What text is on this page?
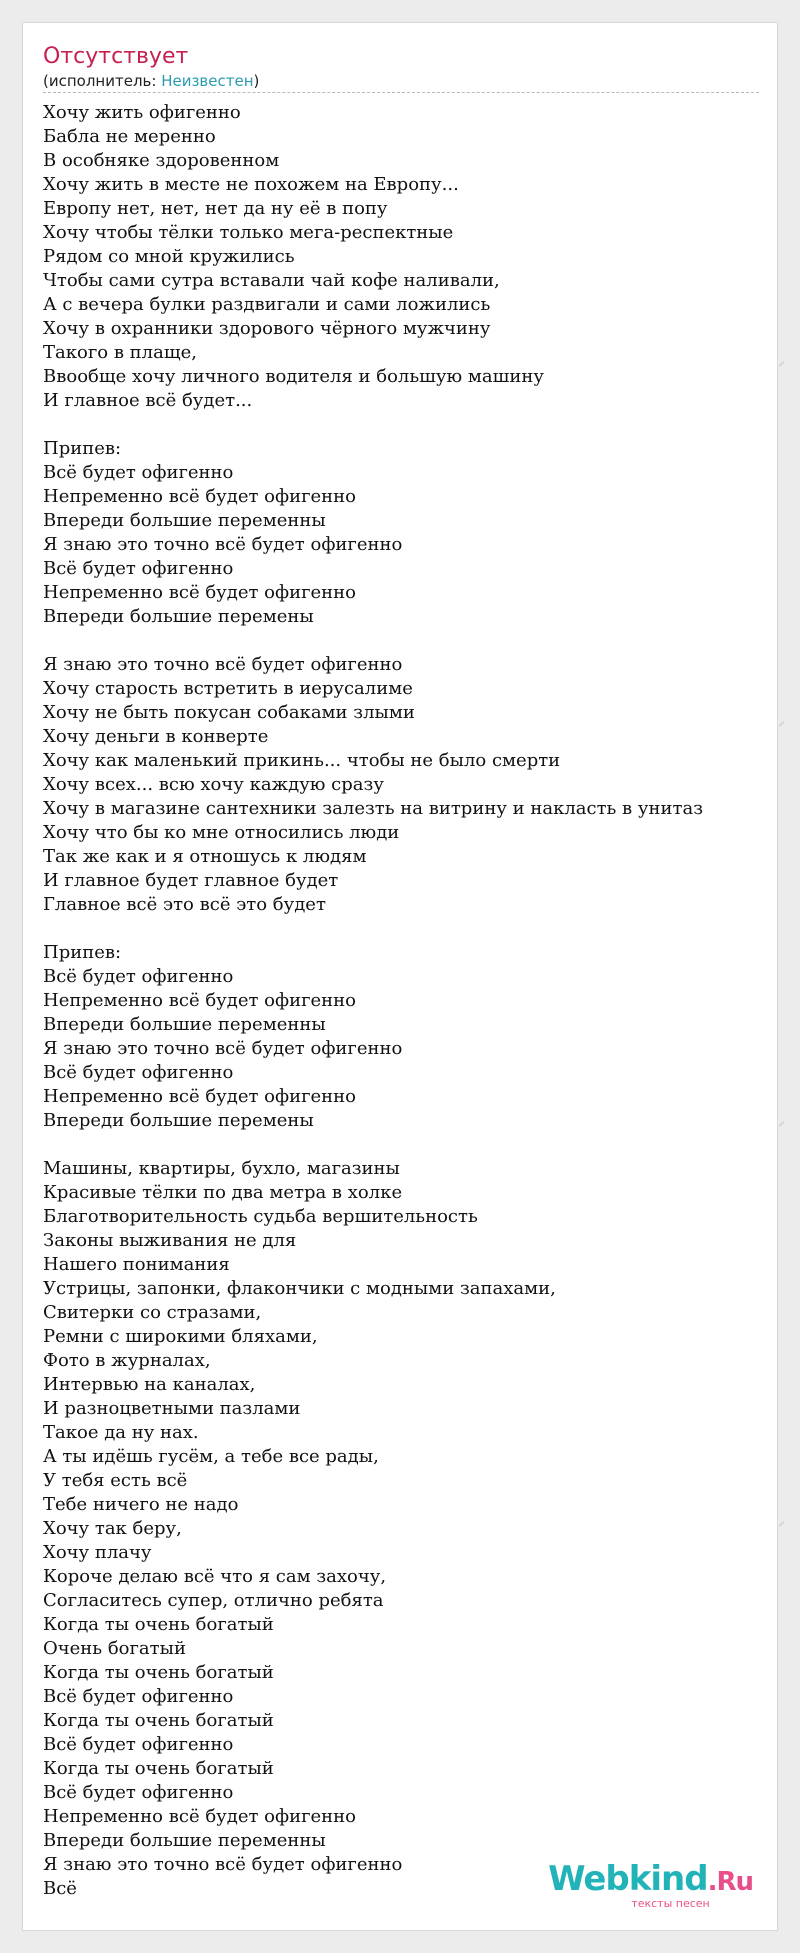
Отсутствует
(исполнитель: Неизвестен)
Хочу жить офигенно
Бабла не меренно
В особняке здоровенном
Хочу жить в месте не похожем на Европу...
Европу нет, нет, нет да ну её в попу
Хочу чтобы тёлки только мега-респектные
Рядом со мной кружились
Чтобы сами сутра вставали чай кофе наливали,
А с вечера булки раздвигали и сами ложились
Хочу в охранники здорового чёрного мужчину
Такого в плаще,
Ввообще хочу личного водителя и большую машину
И главное всё будет...
Припев:
Всё будет офигенно
Непременно всё будет офигенно
Впереди большие переменны
Я знаю это точно всё будет офигенно
Всё будет офигенно
Непременно всё будет офигенно
Впереди большие перемены
Я знаю это точно всё будет офигенно
Хочу старость встретить в иерусалиме
Хочу не быть покусан собаками злыми
Хочу деньги в конверте
Хочу как маленький прикинь... чтобы не было смерти
Хочу всех... всю хочу каждую сразу
Хочу в магазине сантехники залезть на витрину и накласть в унитаз
Хочу что бы ко мне относились люди
Так же как и я отношусь к людям
И главное будет главное будет
Главное всё это всё это будет
Припев:
Всё будет офигенно
Непременно всё будет офигенно
Впереди большие переменны
Я знаю это точно всё будет офигенно
Всё будет офигенно
Непременно всё будет офигенно
Впереди большие перемены
Машины, квартиры, бухло, магазины
Красивые тёлки по два метра в холке
Благотворительность судьба вершительность
Законы выживания не для
Нашего понимания
Устрицы, запонки, флакончики с модными запахами,
Свитерки со стразами,
Ремни с широкими бляхами,
Фото в журналах,
Интервью на каналах,
И разноцветными пазлами
Такое да ну нах.
А ты идёшь гусём, а тебе все рады,
У тебя есть всё
Тебе ничего не надо
Хочу так беру,
Хочу плачу
Короче делаю всё что я сам захочу,
Согласитесь супер, отлично ребята
Когда ты очень богатый
Очень богатый
Когда ты очень богатый
Всё будет офигенно
Когда ты очень богатый
Всё будет офигенно
Когда ты очень богатый
Всё будет офигенно
Непременно всё будет офигенно
Впереди большие переменны
Я знаю это точно всё будет офигенно
Всё	Webkind.Ru
тексты песен
